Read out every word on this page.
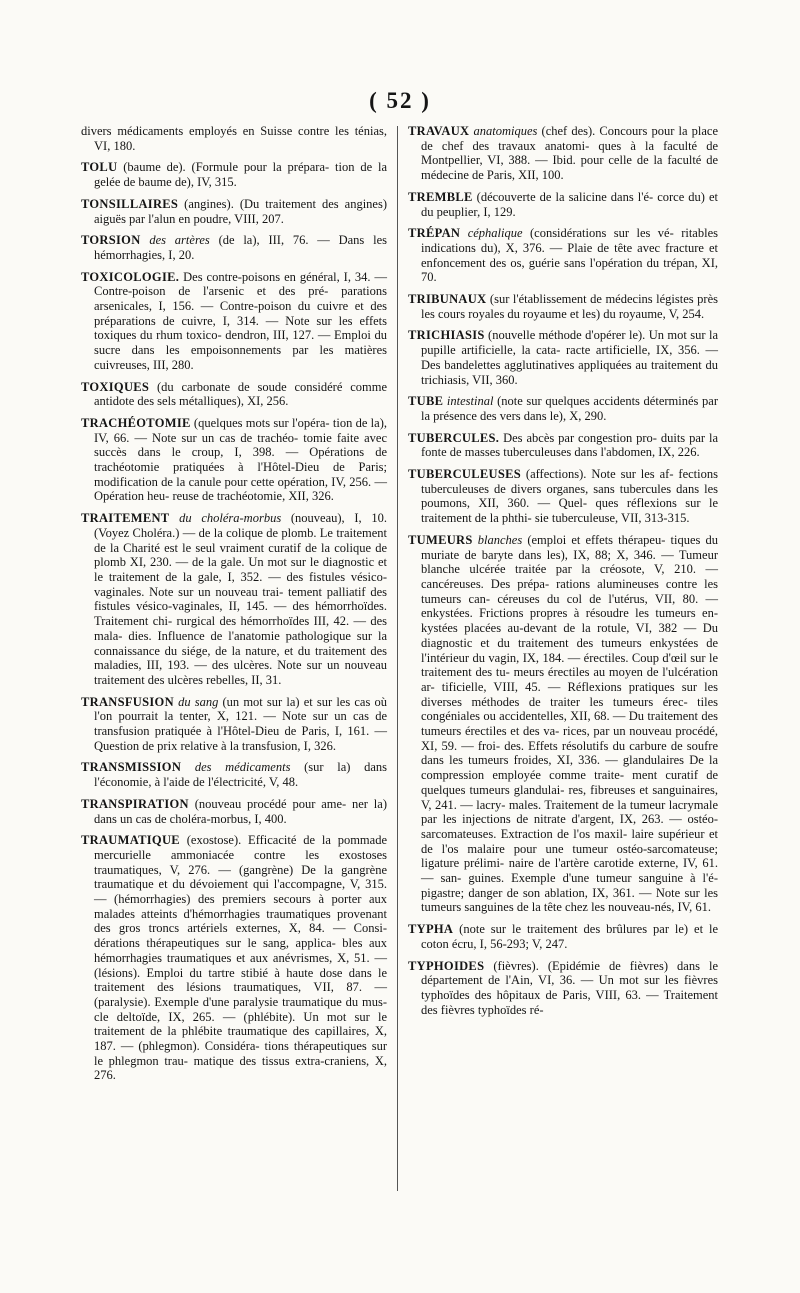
( 52 )

divers médicaments employés en Suisse contre les ténias, VI, 180.

TOLU (baume de). (Formule pour la prépara- tion de la gelée de baume de), IV, 315.

TONSILLAIRES (angines). (Du traitement des angines) aiguës par l'alun en poudre, VIII, 207.

TORSION des artères (de la), III, 76. — Dans les hémorrhagies, I, 20.

TOXICOLOGIE. Des contre-poisons en général, I, 34. — Contre-poison de l'arsenic et des pré- parations arsenicales, I, 156. — Contre-poison du cuivre et des préparations de cuivre, I, 314. — Note sur les effets toxiques du rhum toxico- dendron, III, 127. — Emploi du sucre dans les empoisonnements par les matières cuivreuses, III, 280.

TOXIQUES (du carbonate de soude considéré comme antidote des sels métalliques), XI, 256.

TRACHÉOTOMIE (quelques mots sur l'opéra- tion de la), IV, 66. — Note sur un cas de trachéo- tomie faite avec succès dans le croup, I, 398. — Opérations de trachéotomie pratiquées à l'Hôtel-Dieu de Paris; modification de la canule pour cette opération, IV, 256. — Opération heu- reuse de trachéotomie, XII, 326.

TRAITEMENT du choléra-morbus (nouveau), I, 10. (Voyez Choléra.) — de la colique de plomb. Le traitement de la Charité est le seul vraiment curatif de la colique de plomb XI, 230. — de la gale. Un mot sur le diagnostic et le traitement de la gale, I, 352. — des fistules vésico-vaginales. Note sur un nouveau trai- tement palliatif des fistules vésico-vaginales, II, 145. — des hémorrhoïdes. Traitement chi- rurgical des hémorrhoïdes III, 42. — des mala- dies. Influence de l'anatomie pathologique sur la connaissance du siége, de la nature, et du traitement des maladies, III, 193. — des ulcères. Note sur un nouveau traitement des ulcères rebelles, II, 31.

TRANSFUSION du sang (un mot sur la) et sur les cas où l'on pourrait la tenter, X, 121. — Note sur un cas de transfusion pratiquée à l'Hôtel-Dieu de Paris, I, 161. — Question de prix relative à la transfusion, I, 326.

TRANSMISSION des médicaments (sur la) dans l'économie, à l'aide de l'électricité, V, 48.

TRANSPIRATION (nouveau procédé pour ame- ner la) dans un cas de choléra-morbus, I, 400.

TRAUMATIQUE (exostose). Efficacité de la pommade mercurielle ammoniacée contre les exostoses traumatiques, V, 276. — (gangrène) De la gangrène traumatique et du dévoiement qui l'accompagne, V, 315. — (hémorrhagies) des premiers secours à porter aux malades atteints d'hémorrhagies traumatiques provenant des gros troncs artériels externes, X, 84. — Consi- dérations thérapeutiques sur le sang, applica- bles aux hémorrhagies traumatiques et aux anévrismes, X, 51. — (lésions). Emploi du tartre stibié à haute dose dans le traitement des lésions traumatiques, VII, 87. — (paralysie). Exemple d'une paralysie traumatique du mus- cle deltoïde, IX, 265. — (phlébite). Un mot sur le traitement de la phlébite traumatique des capillaires, X, 187. — (phlegmon). Considéra- tions thérapeutiques sur le phlegmon trau- matique des tissus extra-craniens, X, 276.

TRAVAUX anatomiques (chef des). Concours pour la place de chef des travaux anatomi- ques à la faculté de Montpellier, VI, 388. — Ibid. pour celle de la faculté de médecine de Paris, XII, 100.

TREMBLE (découverte de la salicine dans l'é- corce du) et du peuplier, I, 129.

TRÉPAN céphalique (considérations sur les vé- ritables indications du), X, 376. — Plaie de tête avec fracture et enfoncement des os, guérie sans l'opération du trépan, XI, 70.

TRIBUNAUX (sur l'établissement de médecins légistes près les cours royales du royaume et les) du royaume, V, 254.

TRICHIASIS (nouvelle méthode d'opérer le). Un mot sur la pupille artificielle, la cata- racte artificielle, IX, 356. — Des bandelettes agglutinatives appliquées au traitement du trichiasis, VII, 360.

TUBE intestinal (note sur quelques accidents déterminés par la présence des vers dans le), X, 290.

TUBERCULES. Des abcès par congestion pro- duits par la fonte de masses tuberculeuses dans l'abdomen, IX, 226.

TUBERCULEUSES (affections). Note sur les af- fections tuberculeuses de divers organes, sans tubercules dans les poumons, XII, 360. — Quel- ques réflexions sur le traitement de la phthi- sie tuberculeuse, VII, 313-315.

TUMEURS blanches (emploi et effets thérapeu- tiques du muriate de baryte dans les), IX, 88; X, 346. — Tumeur blanche ulcérée traitée par la créosote, V, 210. — cancéreuses. Des prépa- rations alumineuses contre les tumeurs can- céreuses du col de l'utérus, VII, 80. — enkystées. Frictions propres à résoudre les tumeurs en- kystées placées au-devant de la rotule, VI, 382 — Du diagnostic et du traitement des tumeurs enkystées de l'intérieur du vagin, IX, 184. — érectiles. Coup d'œil sur le traitement des tu- meurs érectiles au moyen de l'ulcération ar- tificielle, VIII, 45. — Réflexions pratiques sur les diverses méthodes de traiter les tumeurs érec- tiles congéniales ou accidentelles, XII, 68. — Du traitement des tumeurs érectiles et des va- rices, par un nouveau procédé, XI, 59. — froi- des. Effets résolutifs du carbure de soufre dans les tumeurs froides, XI, 336. — glandulaires De la compression employée comme traite- ment curatif de quelques tumeurs glandulai- res, fibreuses et sanguinaires, V, 241. — lacry- males. Traitement de la tumeur lacrymale par les injections de nitrate d'argent, IX, 263. — ostéo-sarcomateuses. Extraction de l'os maxil- laire supérieur et de l'os malaire pour une tumeur ostéo-sarcomateuse; ligature prélimi- naire de l'artère carotide externe, IV, 61. — san- guines. Exemple d'une tumeur sanguine à l'é- pigastre; danger de son ablation, IX, 361. — Note sur les tumeurs sanguines de la tête chez les nouveau-nés, IV, 61.

TYPHA (note sur le traitement des brûlures par le) et le coton écru, I, 56-293; V, 247.

TYPHOIDES (fièvres). (Epidémie de fièvres) dans le département de l'Ain, VI, 36. — Un mot sur les fièvres typhoïdes des hôpitaux de Paris, VIII, 63. — Traitement des fièvres typhoïdes ré-
